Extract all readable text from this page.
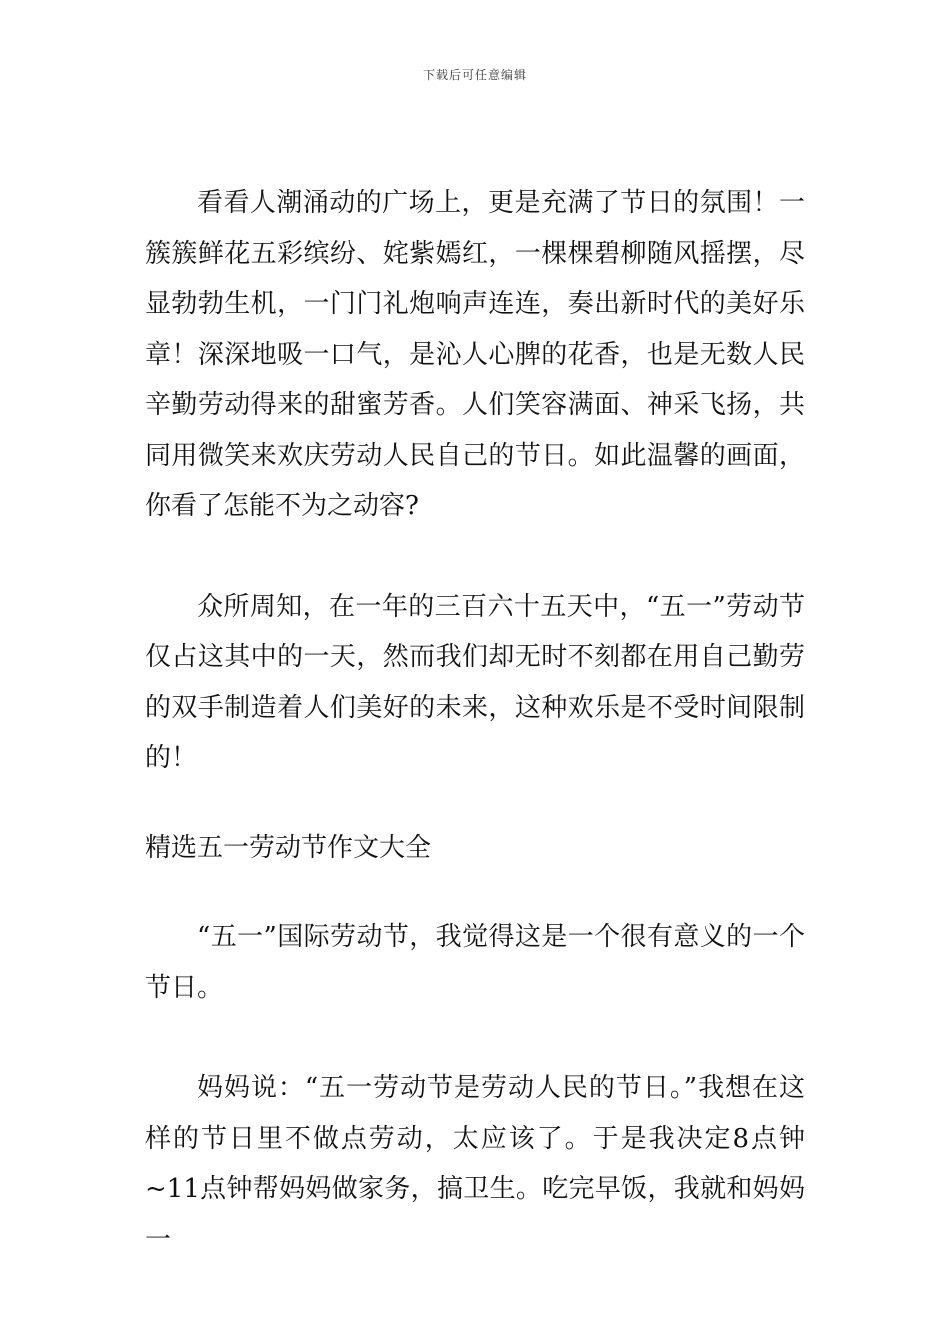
下载后可任意编辑

看看人潮涌动的广场上，更是充满了节日的氛围！一簇簇鲜花五彩缤纷、姹紫嫣红，一棵棵碧柳随风摇摆，尽显勃勃生机，一门门礼炮响声连连，奏出新时代的美好乐章！深深地吸一口气，是沁人心脾的花香，也是无数人民辛勤劳动得来的甜蜜芳香。人们笑容满面、神采飞扬，共同用微笑来欢庆劳动人民自己的节日。如此温馨的画面，你看了怎能不为之动容?

众所周知，在一年的三百六十五天中，“五一”劳动节仅占这其中的一天，然而我们却无时不刻都在用自己勤劳的双手制造着人们美好的未来，这种欢乐是不受时间限制的！

精选五一劳动节作文大全

“五一”国际劳动节，我觉得这是一个很有意义的一个节日。

妈妈说：“五一劳动节是劳动人民的节日。”我想在这样的节日里不做点劳动，太应该了。于是我决定8点钟~11点钟帮妈妈做家务，搞卫生。吃完早饭，我就和妈妈一
